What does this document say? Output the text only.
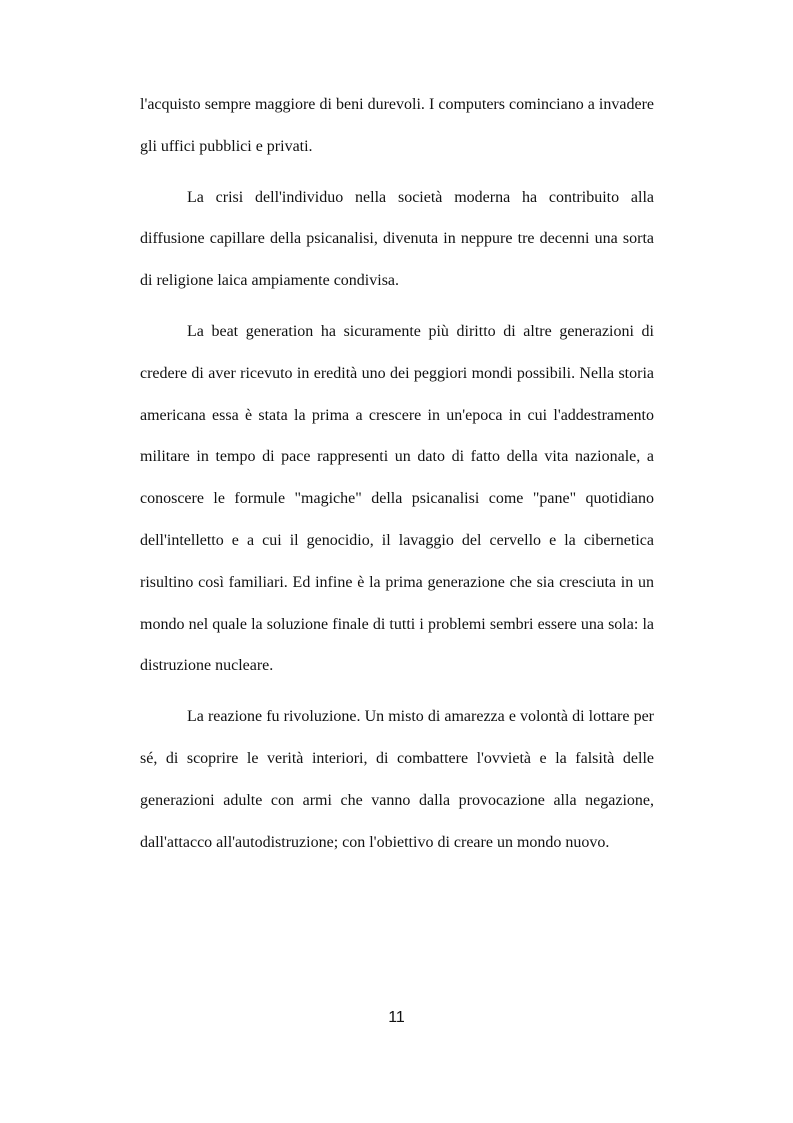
l'acquisto sempre maggiore di beni durevoli. I computers cominciano a invadere gli uffici pubblici e privati.

La crisi dell'individuo nella società moderna ha contribuito alla diffusione capillare della psicanalisi, divenuta in neppure tre decenni una sorta di religione laica ampiamente condivisa.

La beat generation ha sicuramente più diritto di altre generazioni di credere di aver ricevuto in eredità uno dei peggiori mondi possibili. Nella storia americana essa è stata la prima a crescere in un'epoca in cui l'addestramento militare in tempo di pace rappresenti un dato di fatto della vita nazionale, a conoscere le formule "magiche" della psicanalisi come "pane" quotidiano dell'intelletto e a cui il genocidio, il lavaggio del cervello e la cibernetica risultino così familiari. Ed infine è la prima generazione che sia cresciuta in un mondo nel quale la soluzione finale di tutti i problemi sembri essere una sola: la distruzione nucleare.

La reazione fu rivoluzione. Un misto di amarezza e volontà di lottare per sé, di scoprire le verità interiori, di combattere l'ovvietà e la falsità delle generazioni adulte con armi che vanno dalla provocazione alla negazione, dall'attacco all'autodistruzione; con l'obiettivo di creare un mondo nuovo.

11
